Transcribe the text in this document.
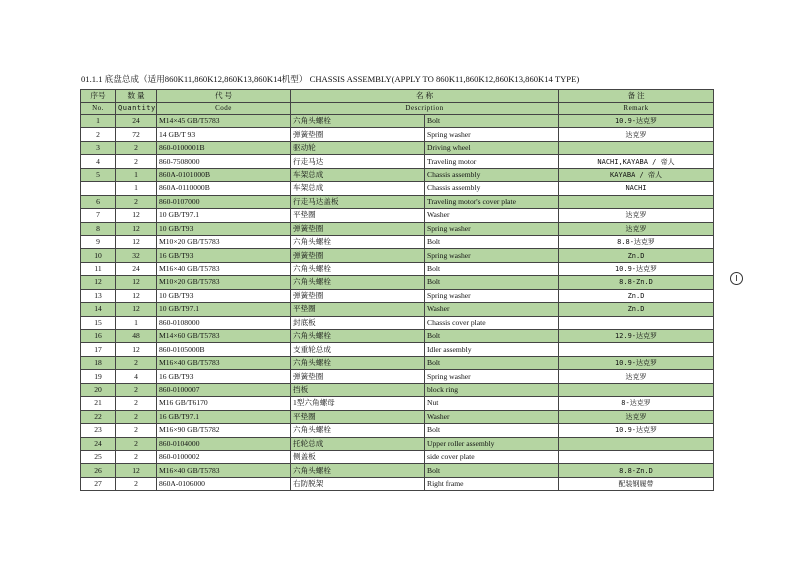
01.1.1 底盘总成（适用860K11,860K12,860K13,860K14机型） CHASSIS ASSEMBLY(APPLY TO 860K11,860K12,860K13,860K14 TYPE)
序号	数 量	代 号	名 称		备 注
No.	Quantity	Code	Description		Remark
1	24	M14×45 GB/T5783	六角头螺栓	Bolt	10.9-达克罗
2	72	14 GB/T 93	弹簧垫圈	Spring washer	达克罗
3	2	860-0100001B	驱动轮	Driving wheel	
4	2	860-7508000	行走马达	Traveling motor	NACHI,KAYABA / 帝人
5	1	860A-0101000B	车架总成	Chassis assembly	KAYABA / 帝人
	1	860A-0110000B	车架总成	Chassis assembly	NACHI
6	2	860-0107000	行走马达盖板	Traveling motor's cover plate	
7	12	10 GB/T97.1	平垫圈	Washer	达克罗
8	12	10 GB/T93	弹簧垫圈	Spring washer	达克罗
9	12	M10×20 GB/T5783	六角头螺栓	Bolt	8.8-达克罗
10	32	16 GB/T93	弹簧垫圈	Spring washer	Zn.D
11	24	M16×40 GB/T5783	六角头螺栓	Bolt	10.9-达克罗
12	12	M10×20 GB/T5783	六角头螺栓	Bolt	8.8-Zn.D
13	12	10 GB/T93	弹簧垫圈	Spring washer	Zn.D
14	12	10 GB/T97.1	平垫圈	Washer	Zn.D
15	1	860-0108000	封底板	Chassis cover plate	
16	48	M14×60 GB/T5783	六角头螺栓	Bolt	12.9-达克罗
17	12	860-0105000B	支重轮总成	Idler assembly	
18	2	M16×40 GB/T5783	六角头螺栓	Bolt	10.9-达克罗
19	4	16 GB/T93	弹簧垫圈	Spring washer	达克罗
20	2	860-0100007	挡板	block ring	
21	2	M16 GB/T6170	1型六角螺母	Nut	8-达克罗
22	2	16 GB/T97.1	平垫圈	Washer	达克罗
23	2	M16×90 GB/T5782	六角头螺栓	Bolt	10.9-达克罗
24	2	860-0104000	托轮总成	Upper roller assembly	
25	2	860-0100002	侧盖板	side cover plate	
26	12	M16×40 GB/T5783	六角头螺栓	Bolt	8.8-Zn.D
27	2	860A-0106000	右防脱架	Right frame	配装钢履带
I
